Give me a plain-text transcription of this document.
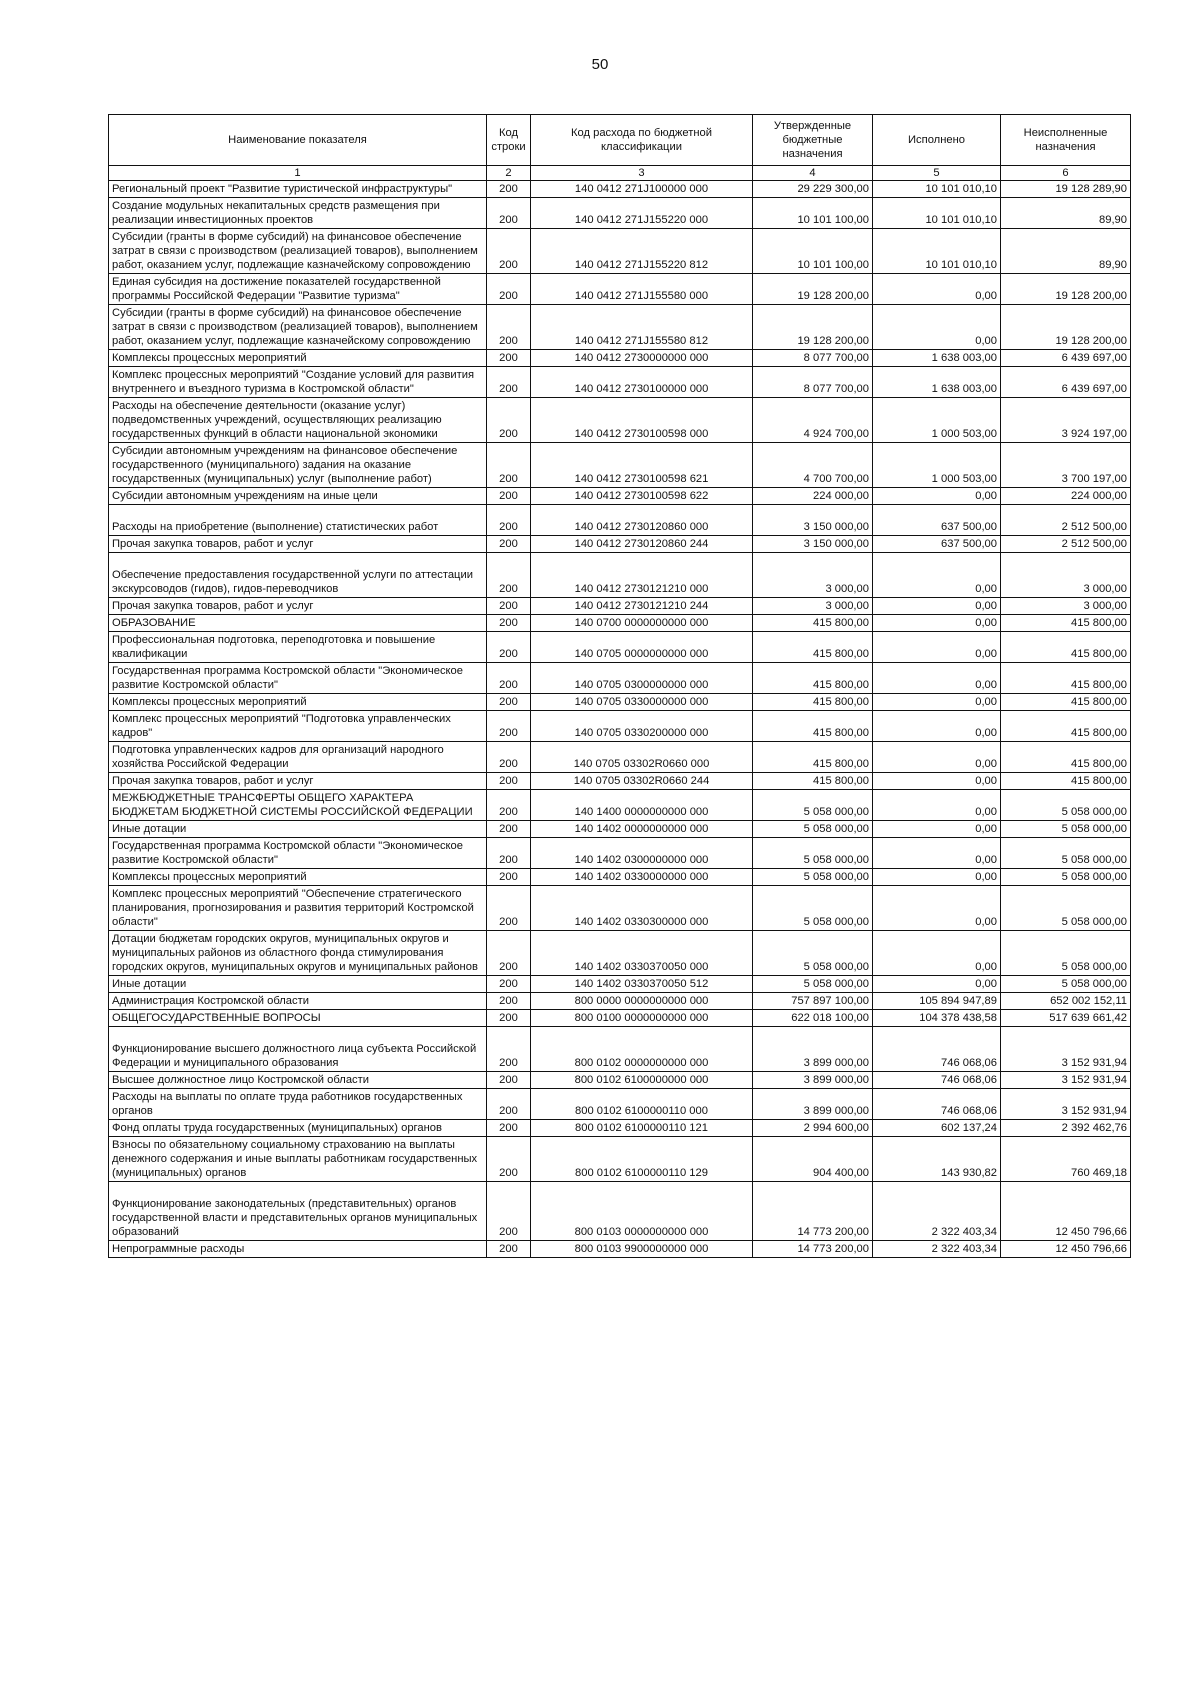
50
Наименование показателя	Код строки	Код расхода по бюджетной классификации	Утвержденные бюджетные назначения	Исполнено	Неисполненные назначения
1	2	3	4	5	6
Региональный проект "Развитие туристической инфраструктуры"	200	140 0412 271J100000 000	29 229 300,00	10 101 010,10	19 128 289,90
Создание модульных некапитальных средств размещения при реализации инвестиционных проектов	200	140 0412 271J155220 000	10 101 100,00	10 101 010,10	89,90
Субсидии (гранты в форме субсидий) на финансовое обеспечение затрат в связи с производством (реализацией товаров), выполнением работ, оказанием услуг, подлежащие казначейскому сопровождению	200	140 0412 271J155220 812	10 101 100,00	10 101 010,10	89,90
Единая субсидия на достижение показателей государственной программы Российской Федерации "Развитие туризма"	200	140 0412 271J155580 000	19 128 200,00	0,00	19 128 200,00
Субсидии (гранты в форме субсидий) на финансовое обеспечение затрат в связи с производством (реализацией товаров), выполнением работ, оказанием услуг, подлежащие казначейскому сопровождению	200	140 0412 271J155580 812	19 128 200,00	0,00	19 128 200,00
Комплексы процессных мероприятий	200	140 0412 2730000000 000	8 077 700,00	1 638 003,00	6 439 697,00
Комплекс процессных мероприятий "Создание условий для развития внутреннего и въездного туризма в Костромской области"	200	140 0412 2730100000 000	8 077 700,00	1 638 003,00	6 439 697,00
Расходы на обеспечение деятельности (оказание услуг) подведомственных учреждений, осуществляющих реализацию государственных функций в области национальной экономики	200	140 0412 2730100598 000	4 924 700,00	1 000 503,00	3 924 197,00
Субсидии автономным учреждениям на финансовое обеспечение государственного (муниципального) задания на оказание государственных (муниципальных) услуг (выполнение работ)	200	140 0412 2730100598 621	4 700 700,00	1 000 503,00	3 700 197,00
Субсидии автономным учреждениям на иные цели	200	140 0412 2730100598 622	224 000,00	0,00	224 000,00
Расходы на приобретение (выполнение) статистических работ	200	140 0412 2730120860 000	3 150 000,00	637 500,00	2 512 500,00
Прочая закупка товаров, работ и услуг	200	140 0412 2730120860 244	3 150 000,00	637 500,00	2 512 500,00
Обеспечение предоставления государственной услуги по аттестации экскурсоводов (гидов), гидов-переводчиков	200	140 0412 2730121210 000	3 000,00	0,00	3 000,00
Прочая закупка товаров, работ и услуг	200	140 0412 2730121210 244	3 000,00	0,00	3 000,00
ОБРАЗОВАНИЕ	200	140 0700 0000000000 000	415 800,00	0,00	415 800,00
Профессиональная подготовка, переподготовка и повышение квалификации	200	140 0705 0000000000 000	415 800,00	0,00	415 800,00
Государственная программа Костромской области "Экономическое развитие Костромской области"	200	140 0705 0300000000 000	415 800,00	0,00	415 800,00
Комплексы процессных мероприятий	200	140 0705 0330000000 000	415 800,00	0,00	415 800,00
Комплекс процессных мероприятий "Подготовка управленческих кадров"	200	140 0705 0330200000 000	415 800,00	0,00	415 800,00
Подготовка управленческих кадров для организаций народного хозяйства Российской Федерации	200	140 0705 03302R0660 000	415 800,00	0,00	415 800,00
Прочая закупка товаров, работ и услуг	200	140 0705 03302R0660 244	415 800,00	0,00	415 800,00
МЕЖБЮДЖЕТНЫЕ ТРАНСФЕРТЫ ОБЩЕГО ХАРАКТЕРА БЮДЖЕТАМ БЮДЖЕТНОЙ СИСТЕМЫ РОССИЙСКОЙ ФЕДЕРАЦИИ	200	140 1400 0000000000 000	5 058 000,00	0,00	5 058 000,00
Иные дотации	200	140 1402 0000000000 000	5 058 000,00	0,00	5 058 000,00
Государственная программа Костромской области "Экономическое развитие Костромской области"	200	140 1402 0300000000 000	5 058 000,00	0,00	5 058 000,00
Комплексы процессных мероприятий	200	140 1402 0330000000 000	5 058 000,00	0,00	5 058 000,00
Комплекс процессных мероприятий "Обеспечение стратегического планирования, прогнозирования и развития территорий Костромской области"	200	140 1402 0330300000 000	5 058 000,00	0,00	5 058 000,00
Дотации бюджетам городских округов, муниципальных округов и муниципальных районов из областного фонда стимулирования городских округов, муниципальных округов и муниципальных районов	200	140 1402 0330370050 000	5 058 000,00	0,00	5 058 000,00
Иные дотации	200	140 1402 0330370050 512	5 058 000,00	0,00	5 058 000,00
Администрация Костромской области	200	800 0000 0000000000 000	757 897 100,00	105 894 947,89	652 002 152,11
ОБЩЕГОСУДАРСТВЕННЫЕ ВОПРОСЫ	200	800 0100 0000000000 000	622 018 100,00	104 378 438,58	517 639 661,42
Функционирование высшего должностного лица субъекта Российской Федерации и муниципального образования	200	800 0102 0000000000 000	3 899 000,00	746 068,06	3 152 931,94
Высшее должностное лицо Костромской области	200	800 0102 6100000000 000	3 899 000,00	746 068,06	3 152 931,94
Расходы на выплаты по оплате труда работников государственных органов	200	800 0102 6100000110 000	3 899 000,00	746 068,06	3 152 931,94
Фонд оплаты труда государственных (муниципальных) органов	200	800 0102 6100000110 121	2 994 600,00	602 137,24	2 392 462,76
Взносы по обязательному социальному страхованию на выплаты денежного содержания и иные выплаты работникам государственных (муниципальных) органов	200	800 0102 6100000110 129	904 400,00	143 930,82	760 469,18
Функционирование законодательных (представительных) органов государственной власти и представительных органов муниципальных образований	200	800 0103 0000000000 000	14 773 200,00	2 322 403,34	12 450 796,66
Непрограммные расходы	200	800 0103 9900000000 000	14 773 200,00	2 322 403,34	12 450 796,66
